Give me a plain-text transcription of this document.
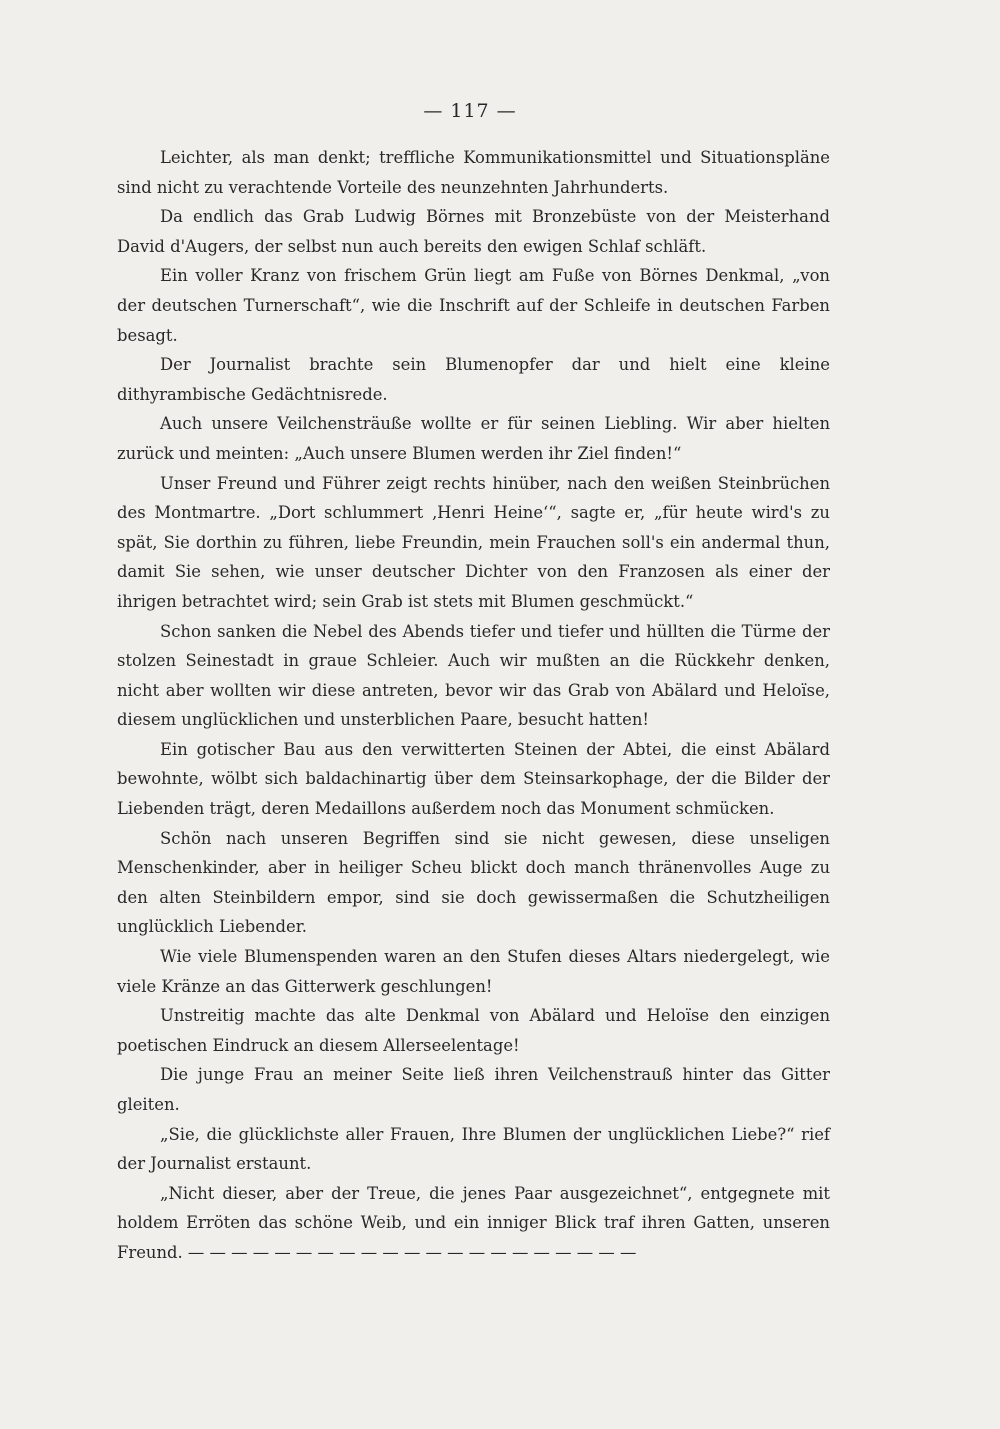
— 117 —

Leichter, als man denkt; treffliche Kommunikationsmittel und Situationspläne sind nicht zu verachtende Vorteile des neunzehnten Jahrhunderts.

Da endlich das Grab Ludwig Börnes mit Bronzebüste von der Meisterhand David d'Augers, der selbst nun auch bereits den ewigen Schlaf schläft.

Ein voller Kranz von frischem Grün liegt am Fuße von Börnes Denkmal, „von der deutschen Turnerschaft“, wie die Inschrift auf der Schleife in deutschen Farben besagt.

Der Journalist brachte sein Blumenopfer dar und hielt eine kleine dithyrambische Gedächtnisrede.

Auch unsere Veilchensträuße wollte er für seinen Liebling. Wir aber hielten zurück und meinten: „Auch unsere Blumen werden ihr Ziel finden!“

Unser Freund und Führer zeigt rechts hinüber, nach den weißen Steinbrüchen des Montmartre. „Dort schlummert ‚Henri Heine‘“, sagte er, „für heute wird's zu spät, Sie dorthin zu führen, liebe Freundin, mein Frauchen soll's ein andermal thun, damit Sie sehen, wie unser deutscher Dichter von den Franzosen als einer der ihrigen betrachtet wird; sein Grab ist stets mit Blumen geschmückt.“

Schon sanken die Nebel des Abends tiefer und tiefer und hüllten die Türme der stolzen Seinestadt in graue Schleier. Auch wir mußten an die Rückkehr denken, nicht aber wollten wir diese antreten, bevor wir das Grab von Abälard und Heloïse, diesem unglücklichen und unsterblichen Paare, besucht hatten!

Ein gotischer Bau aus den verwitterten Steinen der Abtei, die einst Abälard bewohnte, wölbt sich baldachinartig über dem Steinsarkophage, der die Bilder der Liebenden trägt, deren Medaillons außerdem noch das Monument schmücken.

Schön nach unseren Begriffen sind sie nicht gewesen, diese unseligen Menschenkinder, aber in heiliger Scheu blickt doch manch thränenvolles Auge zu den alten Steinbildern empor, sind sie doch gewissermaßen die Schutzheiligen unglücklich Liebender.

Wie viele Blumenspenden waren an den Stufen dieses Altars niedergelegt, wie viele Kränze an das Gitterwerk geschlungen!

Unstreitig machte das alte Denkmal von Abälard und Heloïse den einzigen poetischen Eindruck an diesem Allerseelentage!

Die junge Frau an meiner Seite ließ ihren Veilchenstrauß hinter das Gitter gleiten.

„Sie, die glücklichste aller Frauen, Ihre Blumen der unglücklichen Liebe?“ rief der Journalist erstaunt.

„Nicht dieser, aber der Treue, die jenes Paar ausgezeichnet“, entgegnete mit holdem Erröten das schöne Weib, und ein inniger Blick traf ihren Gatten, unseren Freund. — — — — — — — — — — — — — — — — — — — — —
